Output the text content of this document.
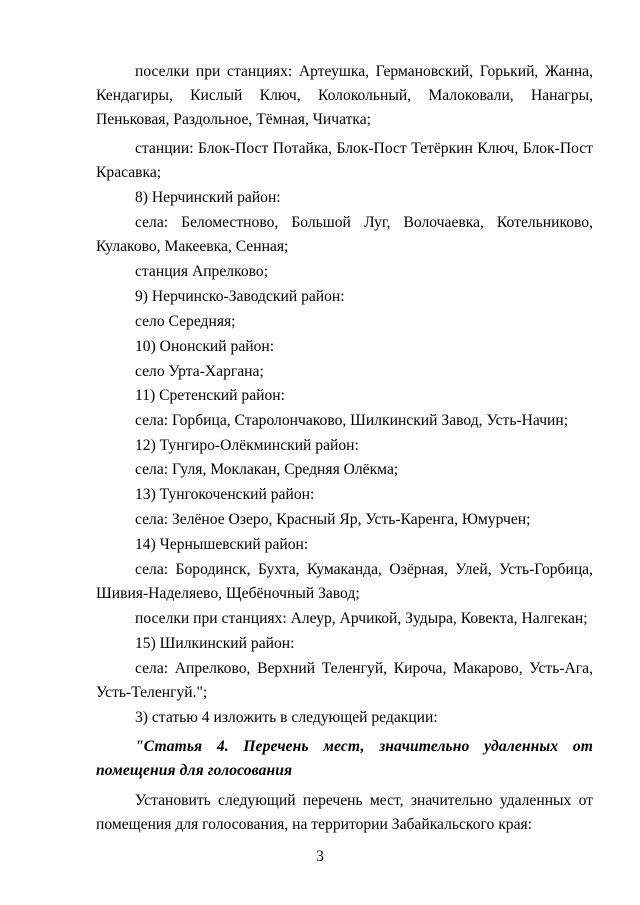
поселки при станциях: Артеушка, Германовский, Горький, Жанна, Кендагиры, Кислый Ключ, Колокольный, Малоковали, Нанагры, Пеньковая, Раздольное, Тёмная, Чичатка;

станции: Блок-Пост Потайка, Блок-Пост Тетёркин Ключ, Блок-Пост Красавка;

8) Нерчинский район:

села: Беломестново, Большой Луг, Волочаевка, Котельниково, Кулаково, Макеевка, Сенная;

станция Апрелково;

9) Нерчинско-Заводский район:

село Середняя;

10) Ононский район:

село Урта-Харгана;

11) Сретенский район:

села: Горбица, Старолончаково, Шилкинский Завод, Усть-Начин;

12) Тунгиро-Олёкминский район:

села: Гуля, Моклакан, Средняя Олёкма;

13) Тунгокоченский район:

села: Зелёное Озеро, Красный Яр, Усть-Каренга, Юмурчен;

14) Чернышевский район:

села: Бородинск, Бухта, Кумаканда, Озёрная, Улей, Усть-Горбица, Шивия-Наделяево, Щебёночный Завод;

поселки при станциях: Алеур, Арчикой, Зудыра, Ковекта, Налгекан;

15) Шилкинский район:

села: Апрелково, Верхний Теленгуй, Кироча, Макарово, Усть-Ага, Усть-Теленгуй.";

3) статью 4 изложить в следующей редакции:

"Статья 4. Перечень мест, значительно удаленных от помещения для голосования

Установить следующий перечень мест, значительно удаленных от помещения для голосования, на территории Забайкальского края:

3
